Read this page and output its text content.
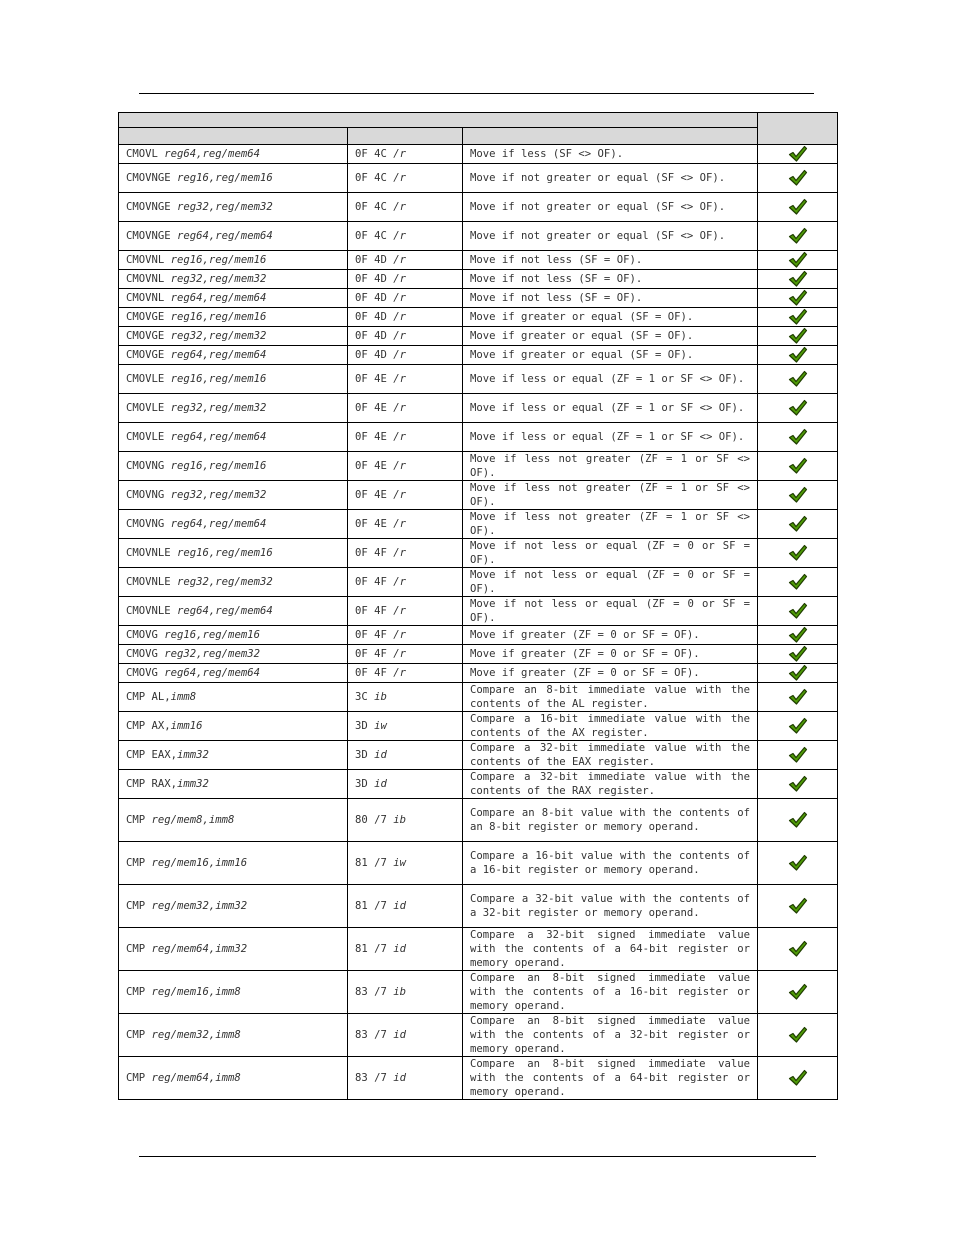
CMOVL reg64,reg/mem64	0F 4C /r	Move if less (SF <> OF).	
CMOVNGE reg16,reg/mem16	0F 4C /r	Move if not greater or equal (SF <> OF).	
CMOVNGE reg32,reg/mem32	0F 4C /r	Move if not greater or equal (SF <> OF).	
CMOVNGE reg64,reg/mem64	0F 4C /r	Move if not greater or equal (SF <> OF).	
CMOVNL reg16,reg/mem16	0F 4D /r	Move if not less (SF = OF).	
CMOVNL reg32,reg/mem32	0F 4D /r	Move if not less (SF = OF).	
CMOVNL reg64,reg/mem64	0F 4D /r	Move if not less (SF = OF).	
CMOVGE reg16,reg/mem16	0F 4D /r	Move if greater or equal (SF = OF).	
CMOVGE reg32,reg/mem32	0F 4D /r	Move if greater or equal (SF = OF).	
CMOVGE reg64,reg/mem64	0F 4D /r	Move if greater or equal (SF = OF).	
CMOVLE reg16,reg/mem16	0F 4E /r	Move if less or equal (ZF = 1 or SF <> OF).	
CMOVLE reg32,reg/mem32	0F 4E /r	Move if less or equal (ZF = 1 or SF <> OF).	
CMOVLE reg64,reg/mem64	0F 4E /r	Move if less or equal (ZF = 1 or SF <> OF).	
CMOVNG reg16,reg/mem16	0F 4E /r	Move if less not greater (ZF = 1 or SF <> OF).	
CMOVNG reg32,reg/mem32	0F 4E /r	Move if less not greater (ZF = 1 or SF <> OF).	
CMOVNG reg64,reg/mem64	0F 4E /r	Move if less not greater (ZF = 1 or SF <> OF).	
CMOVNLE reg16,reg/mem16	0F 4F /r	Move if not less or equal (ZF = 0 or SF = OF).	
CMOVNLE reg32,reg/mem32	0F 4F /r	Move if not less or equal (ZF = 0 or SF = OF).	
CMOVNLE reg64,reg/mem64	0F 4F /r	Move if not less or equal (ZF = 0 or SF = OF).	
CMOVG reg16,reg/mem16	0F 4F /r	Move if greater (ZF = 0 or SF = OF).	
CMOVG reg32,reg/mem32	0F 4F /r	Move if greater (ZF = 0 or SF = OF).	
CMOVG reg64,reg/mem64	0F 4F /r	Move if greater (ZF = 0 or SF = OF).	
CMP AL,imm8	3C ib	Compare an 8-bit immediate value with the contents of the AL register.	
CMP AX,imm16	3D iw	Compare a 16-bit immediate value with the contents of the AX register.	
CMP EAX,imm32	3D id	Compare a 32-bit immediate value with the contents of the EAX register.	
CMP RAX,imm32	3D id	Compare a 32-bit immediate value with the contents of the RAX register.	
CMP reg/mem8,imm8	80 /7 ib	Compare an 8-bit value with the contents of an 8-bit register or memory operand.	
CMP reg/mem16,imm16	81 /7 iw	Compare a 16-bit value with the contents of a 16-bit register or memory operand.	
CMP reg/mem32,imm32	81 /7 id	Compare a 32-bit value with the contents of a 32-bit register or memory operand.	
CMP reg/mem64,imm32	81 /7 id	Compare a 32-bit signed immediate value with the contents of a 64-bit register or memory operand.	
CMP reg/mem16,imm8	83 /7 ib	Compare an 8-bit signed immediate value with the contents of a 16-bit register or memory operand.	
CMP reg/mem32,imm8	83 /7 id	Compare an 8-bit signed immediate value with the contents of a 32-bit register or memory operand.	
CMP reg/mem64,imm8	83 /7 id	Compare an 8-bit signed immediate value with the contents of a 64-bit register or memory operand.	
